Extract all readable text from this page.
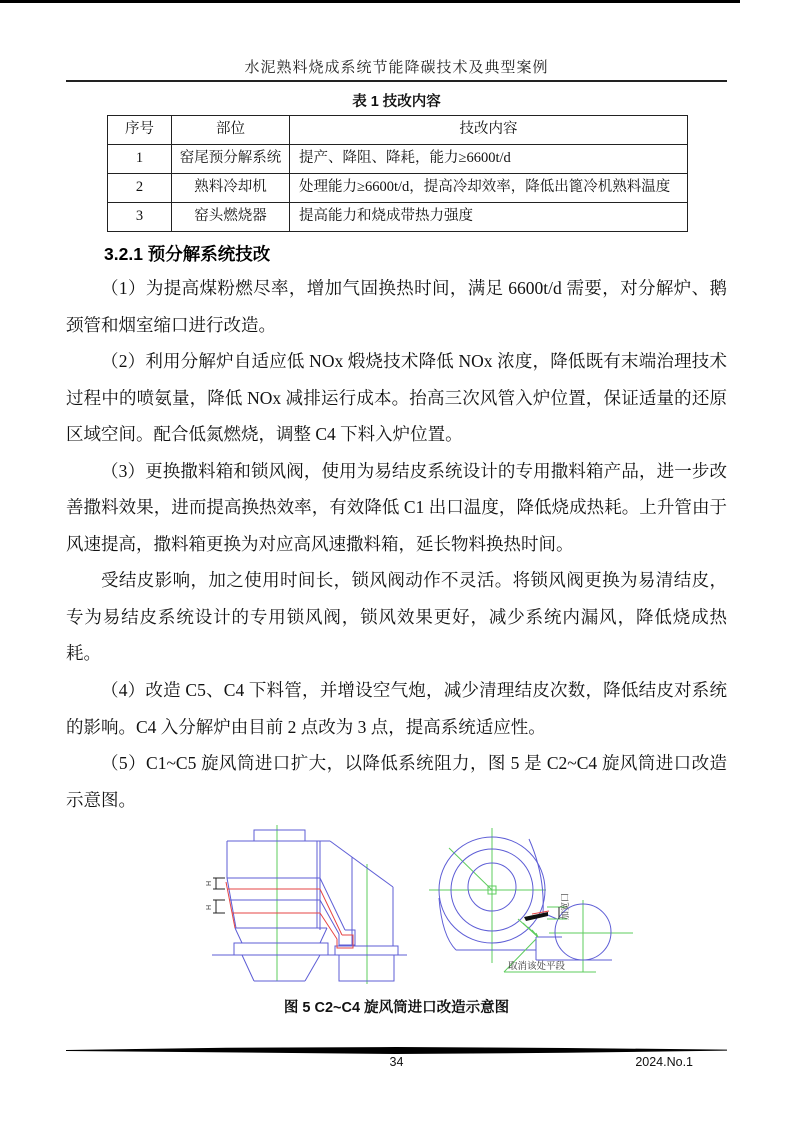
水泥熟料烧成系统节能降碳技术及典型案例
表 1 技改内容
序号	部位	技改内容
1	窑尾预分解系统	提产、降阻、降耗，能力≥6600t/d
2	熟料冷却机	处理能力≥6600t/d，提高冷却效率，降低出篦冷机熟料温度
3	窑头燃烧器	提高能力和烧成带热力强度
3.2.1 预分解系统技改

（1）为提高煤粉燃尽率，增加气固换热时间，满足 6600t/d 需要，对分解炉、鹅颈管和烟室缩口进行改造。

（2）利用分解炉自适应低 NOx 煅烧技术降低 NOx 浓度，降低既有末端治理技术过程中的喷氨量，降低 NOx 减排运行成本。抬高三次风管入炉位置，保证适量的还原区域空间。配合低氮燃烧，调整 C4 下料入炉位置。

（3）更换撒料箱和锁风阀，使用为易结皮系统设计的专用撒料箱产品，进一步改善撒料效果，进而提高换热效率，有效降低 C1 出口温度，降低烧成热耗。上升管由于风速提高，撒料箱更换为对应高风速撒料箱，延长物料换热时间。

受结皮影响，加之使用时间长，锁风阀动作不灵活。将锁风阀更换为易清结皮，专为易结皮系统设计的专用锁风阀，锁风效果更好，减少系统内漏风，降低烧成热耗。

（4）改造 C5、C4 下料管，并增设空气炮，减少清理结皮次数，降低结皮对系统的影响。C4 入分解炉由目前 2 点改为 3 点，提高系统适应性。

（5）C1~C5 旋风筒进口扩大，以降低系统阻力，图 5 是 C2~C4 旋风筒进口改造示意图。

H
H	加宽口
取消该处平段
图 5 C2~C4 旋风筒进口改造示意图
34	2024.No.1
